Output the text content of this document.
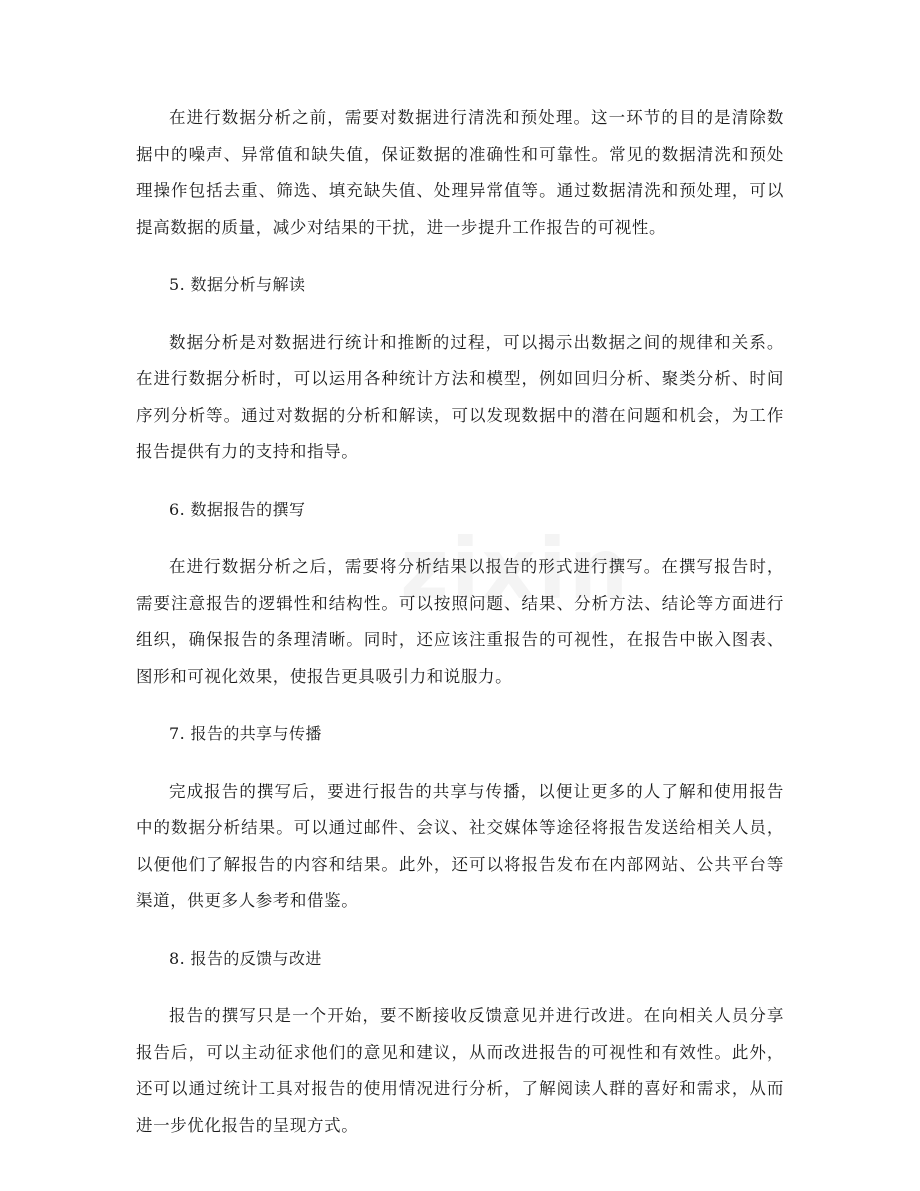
在进行数据分析之前，需要对数据进行清洗和预处理。这一环节的目的是清除数据中的噪声、异常值和缺失值，保证数据的准确性和可靠性。常见的数据清洗和预处理操作包括去重、筛选、填充缺失值、处理异常值等。通过数据清洗和预处理，可以提高数据的质量，减少对结果的干扰，进一步提升工作报告的可视性。

5. 数据分析与解读

数据分析是对数据进行统计和推断的过程，可以揭示出数据之间的规律和关系。在进行数据分析时，可以运用各种统计方法和模型，例如回归分析、聚类分析、时间序列分析等。通过对数据的分析和解读，可以发现数据中的潜在问题和机会，为工作报告提供有力的支持和指导。

6. 数据报告的撰写

在进行数据分析之后，需要将分析结果以报告的形式进行撰写。在撰写报告时，需要注意报告的逻辑性和结构性。可以按照问题、结果、分析方法、结论等方面进行组织，确保报告的条理清晰。同时，还应该注重报告的可视性，在报告中嵌入图表、图形和可视化效果，使报告更具吸引力和说服力。

7. 报告的共享与传播

完成报告的撰写后，要进行报告的共享与传播，以便让更多的人了解和使用报告中的数据分析结果。可以通过邮件、会议、社交媒体等途径将报告发送给相关人员，以便他们了解报告的内容和结果。此外，还可以将报告发布在内部网站、公共平台等渠道，供更多人参考和借鉴。

8. 报告的反馈与改进

报告的撰写只是一个开始，要不断接收反馈意见并进行改进。在向相关人员分享报告后，可以主动征求他们的意见和建议，从而改进报告的可视性和有效性。此外，还可以通过统计工具对报告的使用情况进行分析，了解阅读人群的喜好和需求，从而进一步优化报告的呈现方式。
